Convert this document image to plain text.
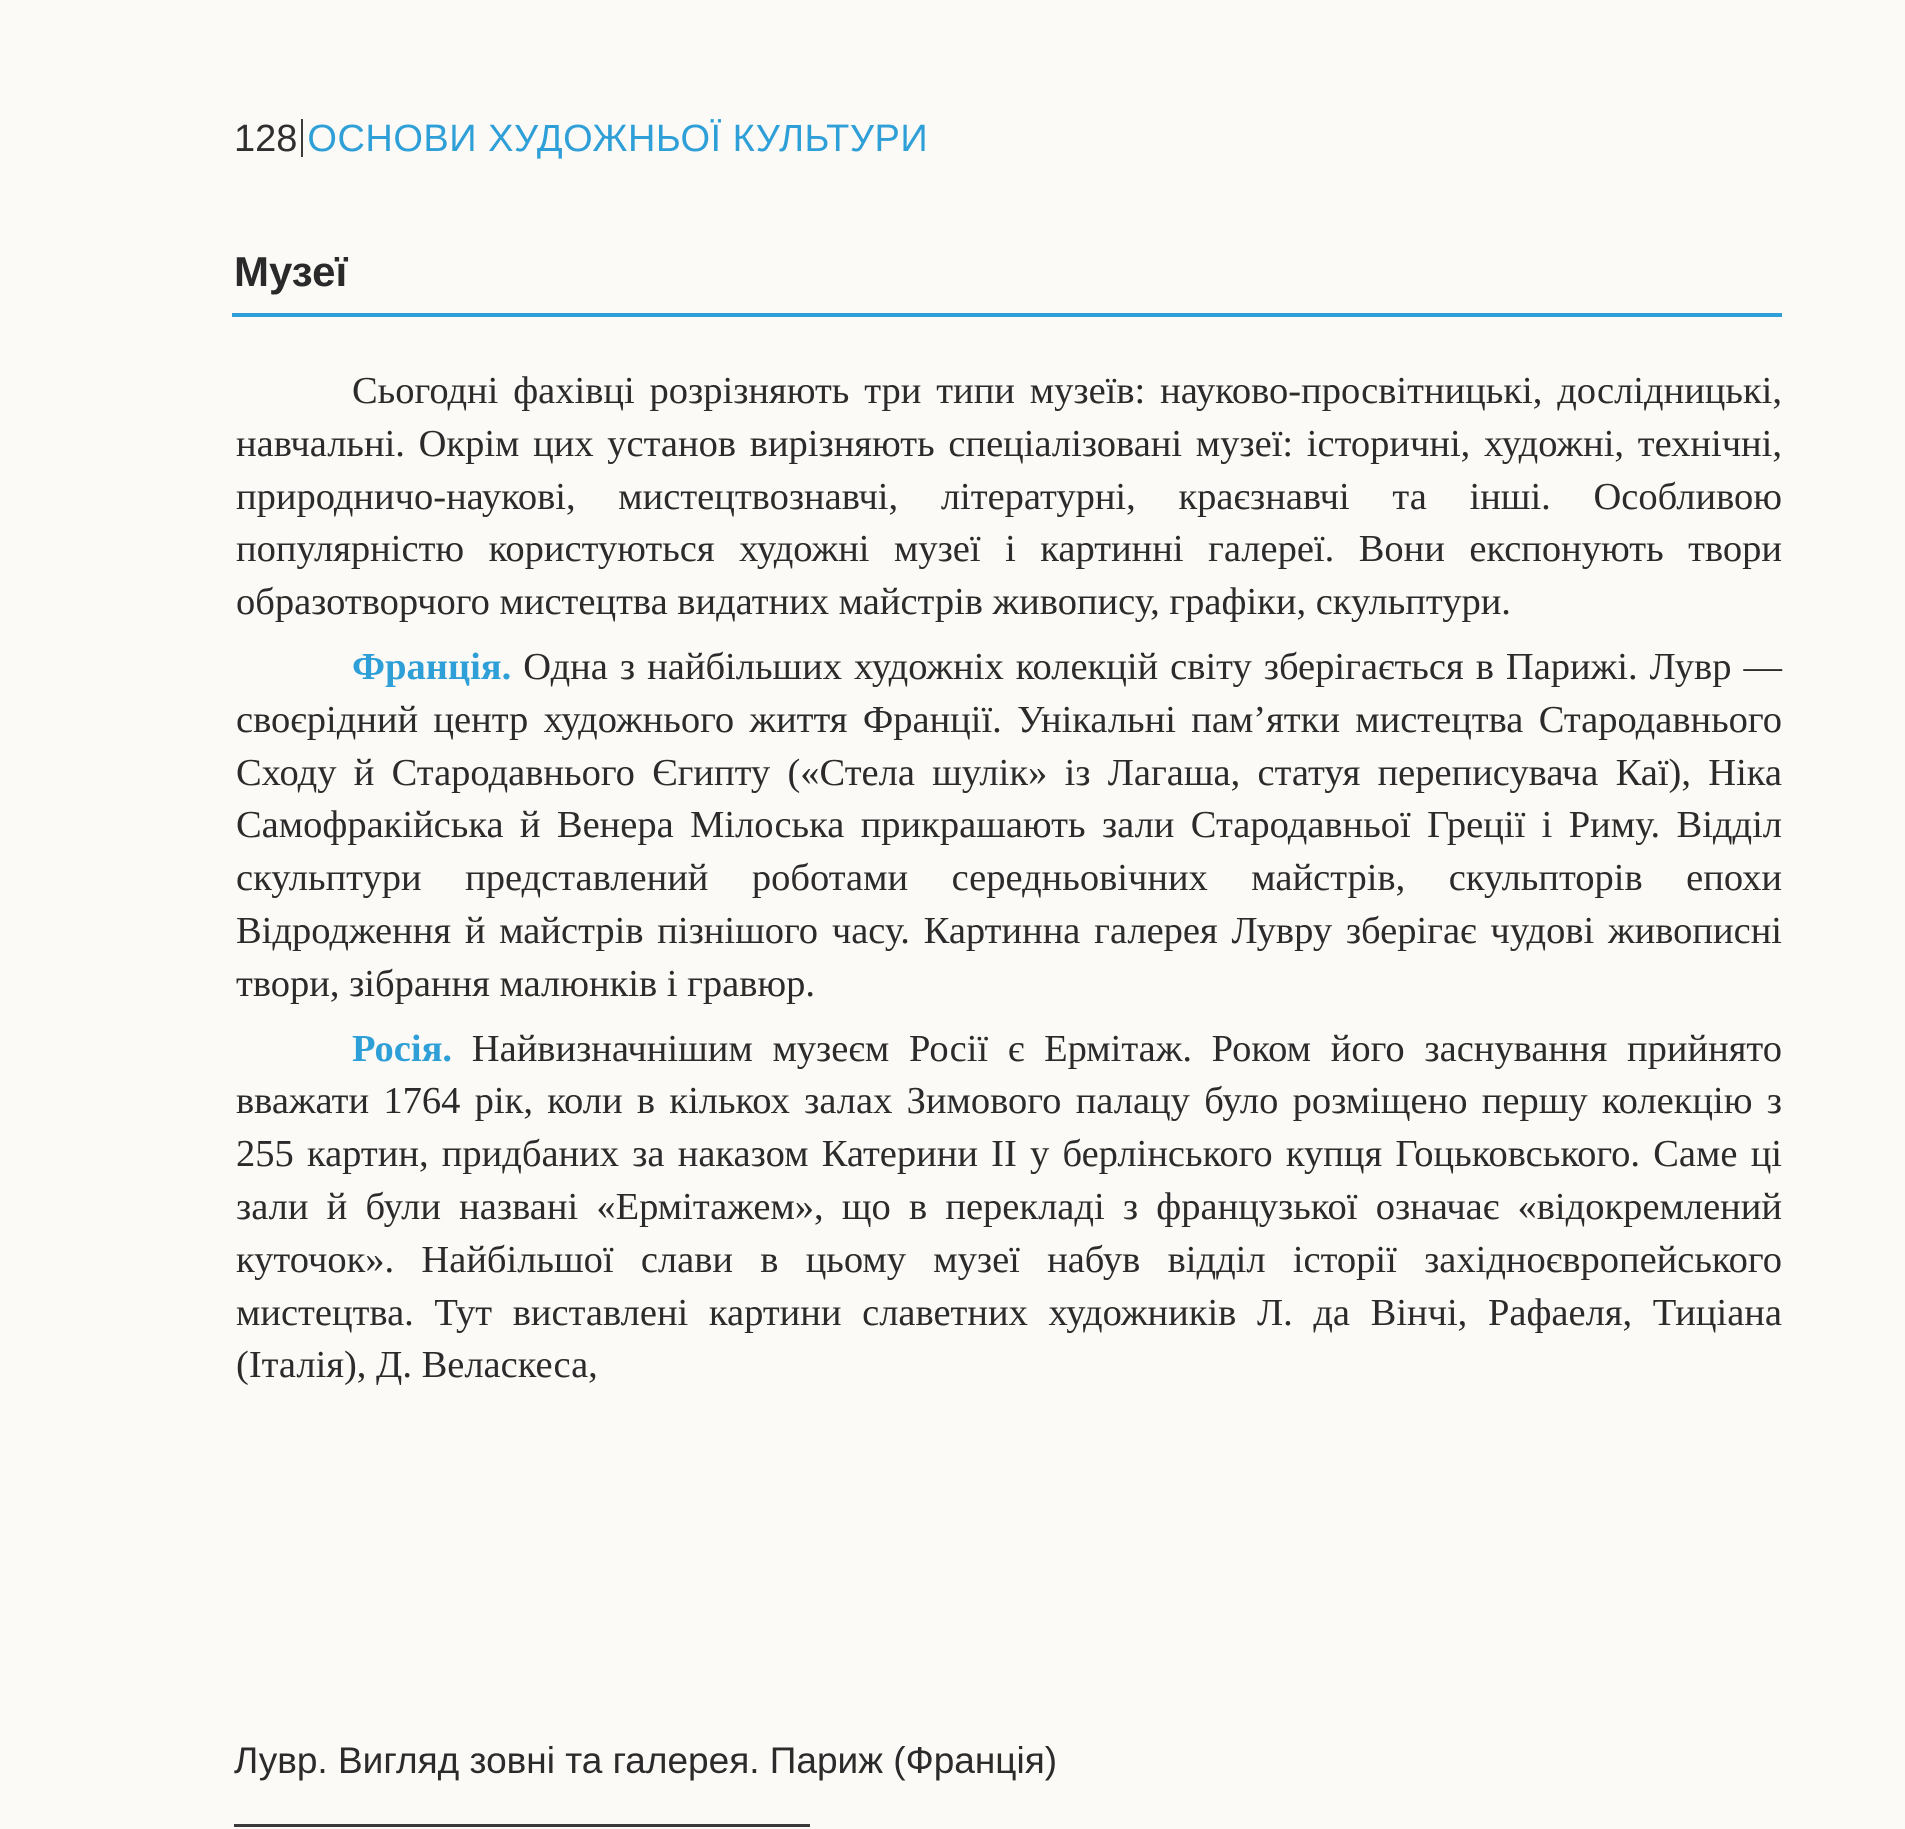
128 ОСНОВИ ХУДОЖНЬОЇ КУЛЬТУРИ
Музеї

Сьогодні фахівці розрізняють три типи музеїв: науково-просвітницькі, дослідницькі, навчальні. Окрім цих установ вирізняють спеціалізовані музеї: історичні, художні, технічні, природничо-наукові, мистецтвознавчі, літературні, краєзнавчі та інші. Особливою популярністю користуються художні музеї і картинні галереї. Вони експонують твори образотворчого мистецтва видатних майстрів живопису, графіки, скульптури.

Франція. Одна з найбільших художніх колекцій світу зберігається в Парижі. Лувр — своєрідний центр художнього життя Франції. Унікальні пам’ятки мистецтва Стародавнього Сходу й Стародавнього Єгипту («Стела шулік» із Лагаша, статуя переписувача Каї), Ніка Самофракійська й Венера Мілоська прикрашають зали Стародавньої Греції і Риму. Відділ скульптури представлений роботами середньовічних майстрів, скульпторів епохи Відродження й майстрів пізнішого часу. Картинна галерея Лувру зберігає чудові живописні твори, зібрання малюнків і гравюр.

Росія. Найвизначнішим музеєм Росії є Ермітаж. Роком його заснування прийнято вважати 1764 рік, коли в кількох залах Зимового палацу було розміщено першу колекцію з 255 картин, придбаних за наказом Катерини II у берлінського купця Гоцьковського. Саме ці зали й були названі «Ермітажем», що в перекладі з французької означає «відокремлений куточок». Найбільшої слави в цьому музеї набув відділ історії західноєвропейського мистецтва. Тут виставлені картини славетних художників Л. да Вінчі, Рафаеля, Тиціана (Італія), Д. Веласкеса,

Лувр. Вигляд зовні та галерея. Париж (Франція)
